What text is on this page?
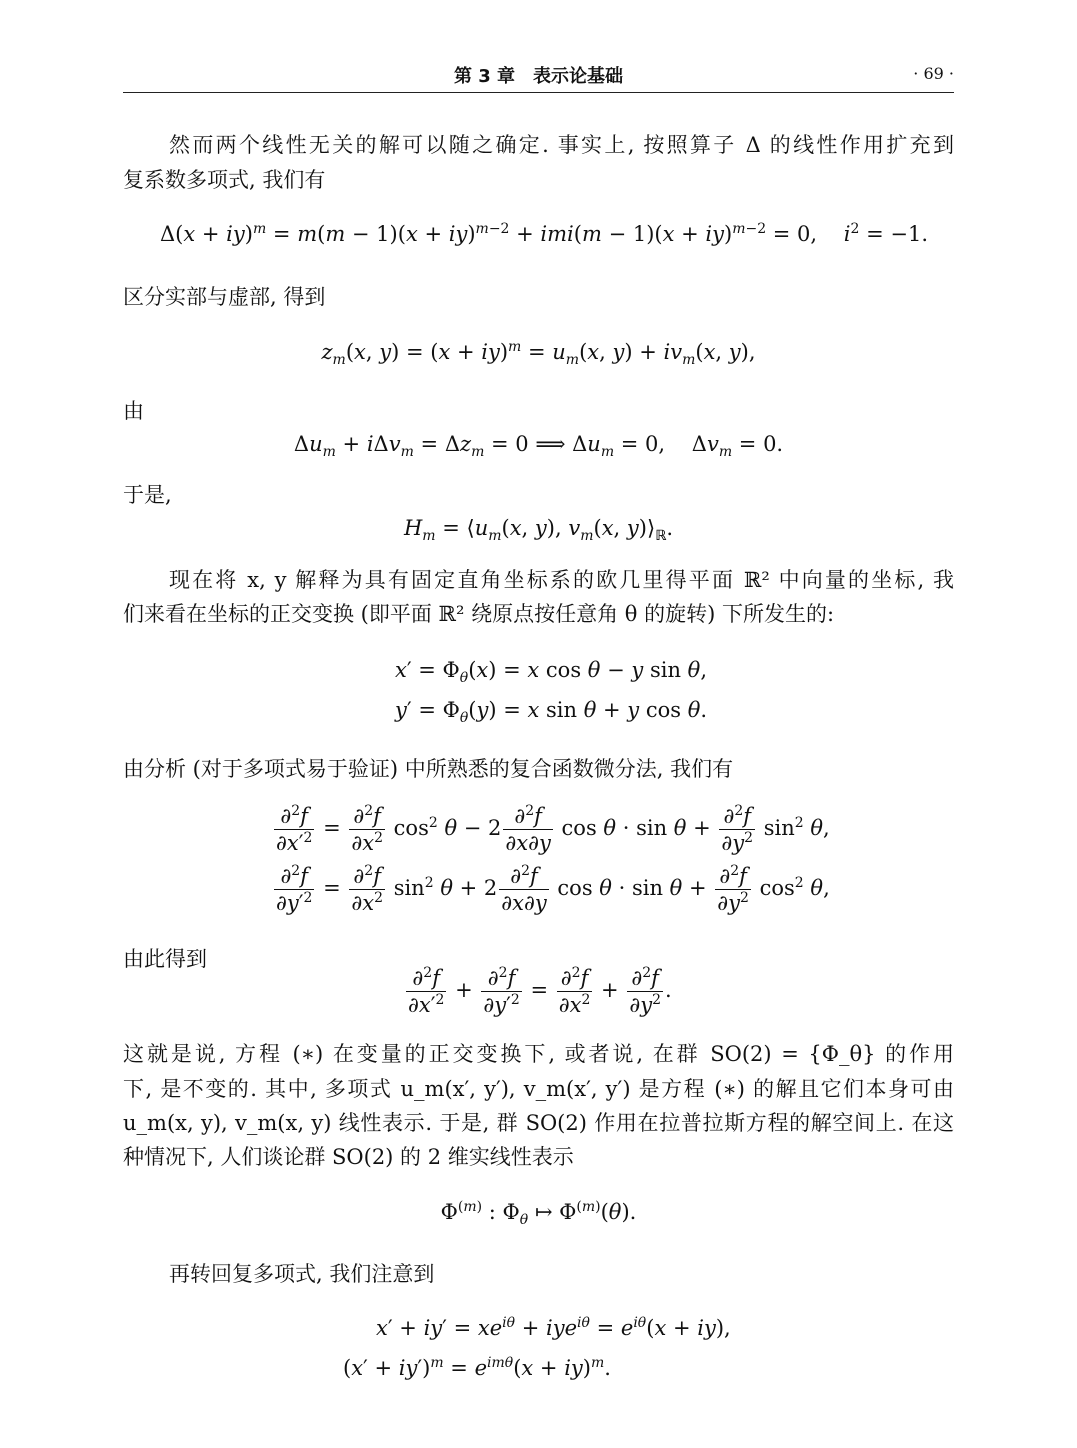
第 3 章　表示论基础	· 69 ·
然而两个线性无关的解可以随之确定. 事实上, 按照算子 Δ 的线性作用扩充到
复系数多项式, 我们有
Δ(x + iy)$^m$ = m(m − 1)(x + iy)$^{m-2}$ + imi(m − 1)(x + iy)$^{m-2}$ = 0,    $i^2 = -1$.
区分实部与虚部, 得到
$z_m(x$, $y) = (x + iy)^m = u_m(x$, $y) + iv_m(x$, y),
由
$\Delta u_m + i\Delta v_m = \Delta z_m = 0$ ⟹ $\Delta u_m = 0$,    $\Delta v_m = 0$.
于是,
$H_m$ = $⟨u_m(x$, y), $v_m(x$, $y)⟩_ℝ$.
现在将 x, y 解释为具有固定直角坐标系的欧几里得平面 ℝ² 中向量的坐标, 我
们来看在坐标的正交变换 (即平面 ℝ² 绕原点按任意角 θ 的旋转) 下所发生的:
$x' = \Phi_\theta(x) = x$ cos θ − y sin θ,
$y' = \Phi_\theta(y) = x$ sin θ + y cos θ.
由分析 (对于多项式易于验证) 中所熟悉的复合函数微分法, 我们有
$\frac{\partial^2f}{\partial x'^2} = \frac{\partial^2f}{\partial x^2} \cos^2 \theta - 2 \frac{\partial^2f}{\partial x\partial y}$ $\cos \theta \cdot \sin \theta + \frac{\partial^2f}{\partial y^2} \sin^2 \theta$,
$\frac{\partial^2f}{\partial y'^2} = \frac{\partial^2f}{\partial x^2} \sin^2 \theta + 2 \frac{\partial^2f}{\partial x\partial y}$ $\cos \theta \cdot \sin \theta + \frac{\partial^2f}{\partial y^2} \cos^2 \theta$,
由此得到
$\frac{\partial^2f}{\partial x'^2} + \frac{\partial^2f}{\partial y'^2} = \frac{\partial^2f}{\partial x^2} + \frac{\partial^2f}{\partial y^2}$ .
这就是说, 方程 (∗) 在变量的正交变换下, 或者说, 在群 SO(2) = {Φ_θ} 的作用
下, 是不变的. 其中, 多项式 u_m(x′, y′), v_m(x′, y′) 是方程 (∗) 的解且它们本身可由
u_m(x, y), v_m(x, y) 线性表示. 于是, 群 SO(2) 作用在拉普拉斯方程的解空间上. 在这
种情况下, 人们谈论群 SO(2) 的 2 维实线性表示
$\Phi^{(m)}$ : $\Phi_\theta$ ↦ $\Phi^{(m)}(\theta)$.
再转回复多项式, 我们注意到
$x' + iy' = xe^{i\theta} + iye^{i\theta} = e^{i\theta}(x + iy)$,
$(x' + iy')^m = e^{im\theta}(x + iy)^m$.
